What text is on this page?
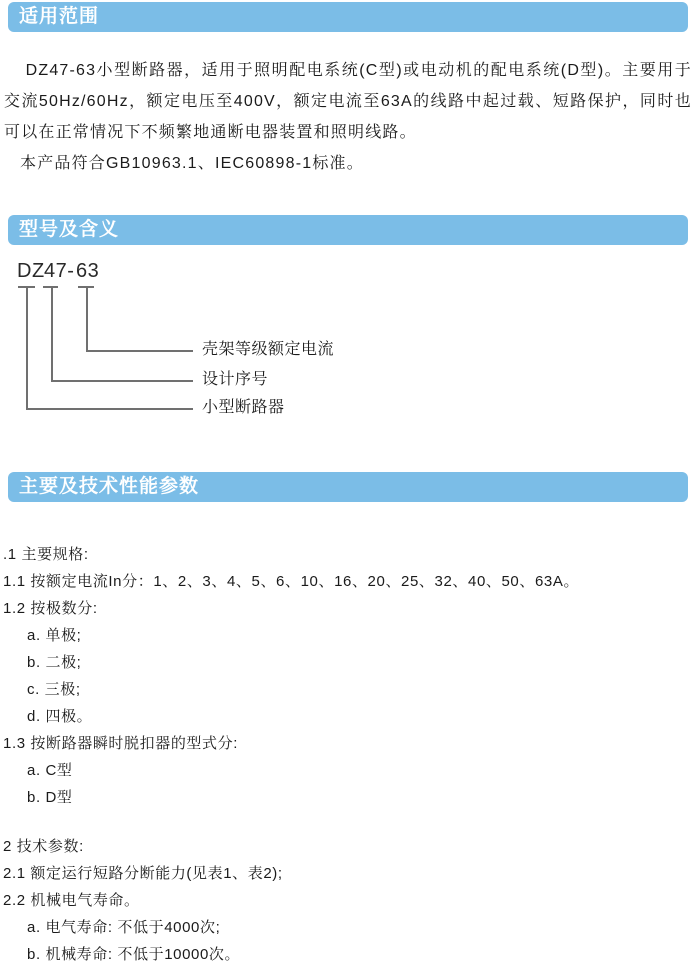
适用范围

DZ47-63小型断路器，适用于照明配电系统(C型)或电动机的配电系统(D型)。主要用于交流50Hz/60Hz，额定电压至400V，额定电流至63A的线路中起过载、短路保护，同时也可以在正常情况下不频繁地通断电器装置和照明线路。

本产品符合GB10963.1、IEC60898-1标准。

型号及含义
DZ 47- 63
壳架等级额定电流
设计序号
小型断路器
主要及技术性能参数
.1 主要规格:
1.1 按额定电流In分：1、2、3、4、5、6、10、16、20、25、32、40、50、63A。
1.2 按极数分:
a. 单极;
b. 二极;
c. 三极;
d. 四极。
1.3 按断路器瞬时脱扣器的型式分:
a. C型
b. D型
2 技术参数:
2.1 额定运行短路分断能力(见表1、表2);
2.2 机械电气寿命。
a. 电气寿命: 不低于4000次;
b. 机械寿命: 不低于10000次。
